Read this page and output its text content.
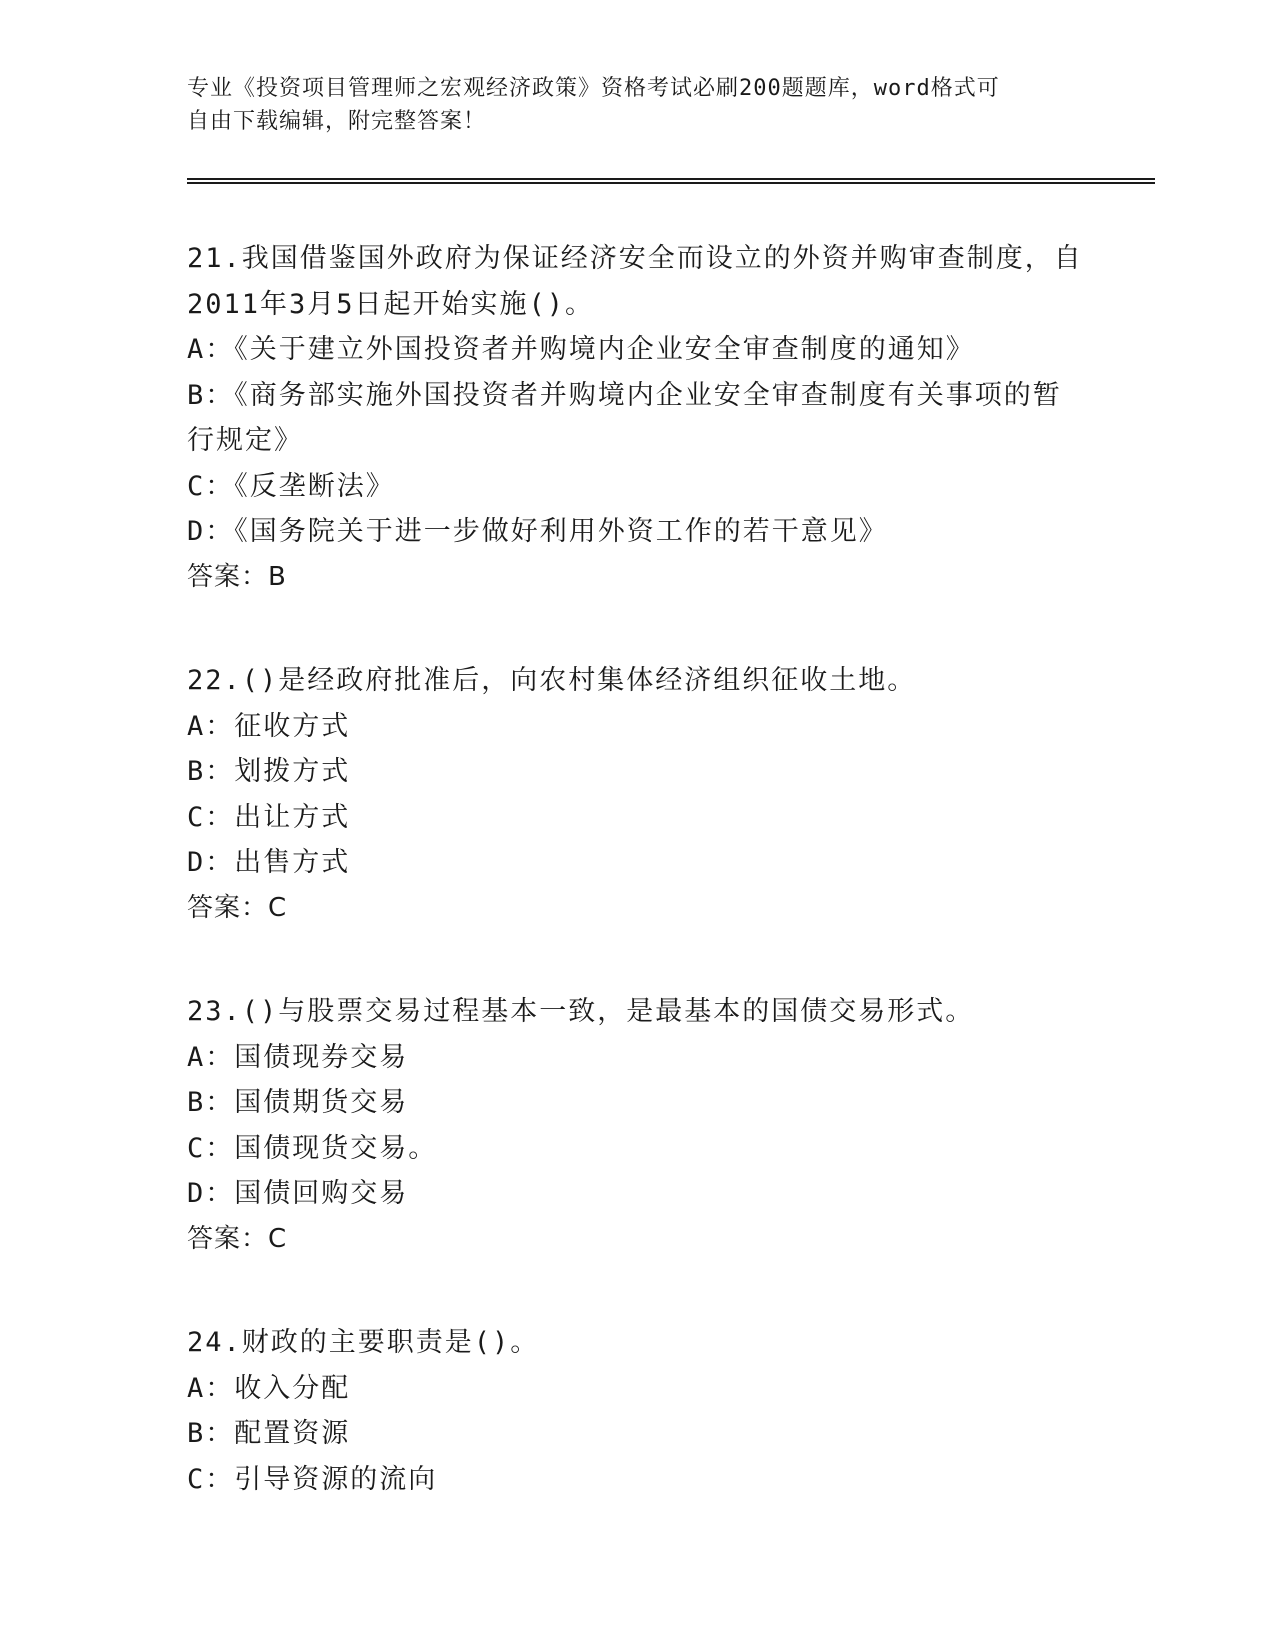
专业《投资项目管理师之宏观经济政策》资格考试必刷200题题库，word格式可
自由下载编辑，附完整答案！
21.我国借鉴国外政府为保证经济安全而设立的外资并购审查制度，自
2011年3月5日起开始实施()。
A：《关于建立外国投资者并购境内企业安全审查制度的通知》
B：《商务部实施外国投资者并购境内企业安全审查制度有关事项的暂
行规定》
C：《反垄断法》
D：《国务院关于进一步做好利用外资工作的若干意见》
答案：B
22.()是经政府批准后，向农村集体经济组织征收土地。
A：征收方式
B：划拨方式
C：出让方式
D：出售方式
答案：C
23.()与股票交易过程基本一致，是最基本的国债交易形式。
A：国债现券交易
B：国债期货交易
C：国债现货交易。
D：国债回购交易
答案：C
24.财政的主要职责是()。
A：收入分配
B：配置资源
C：引导资源的流向
